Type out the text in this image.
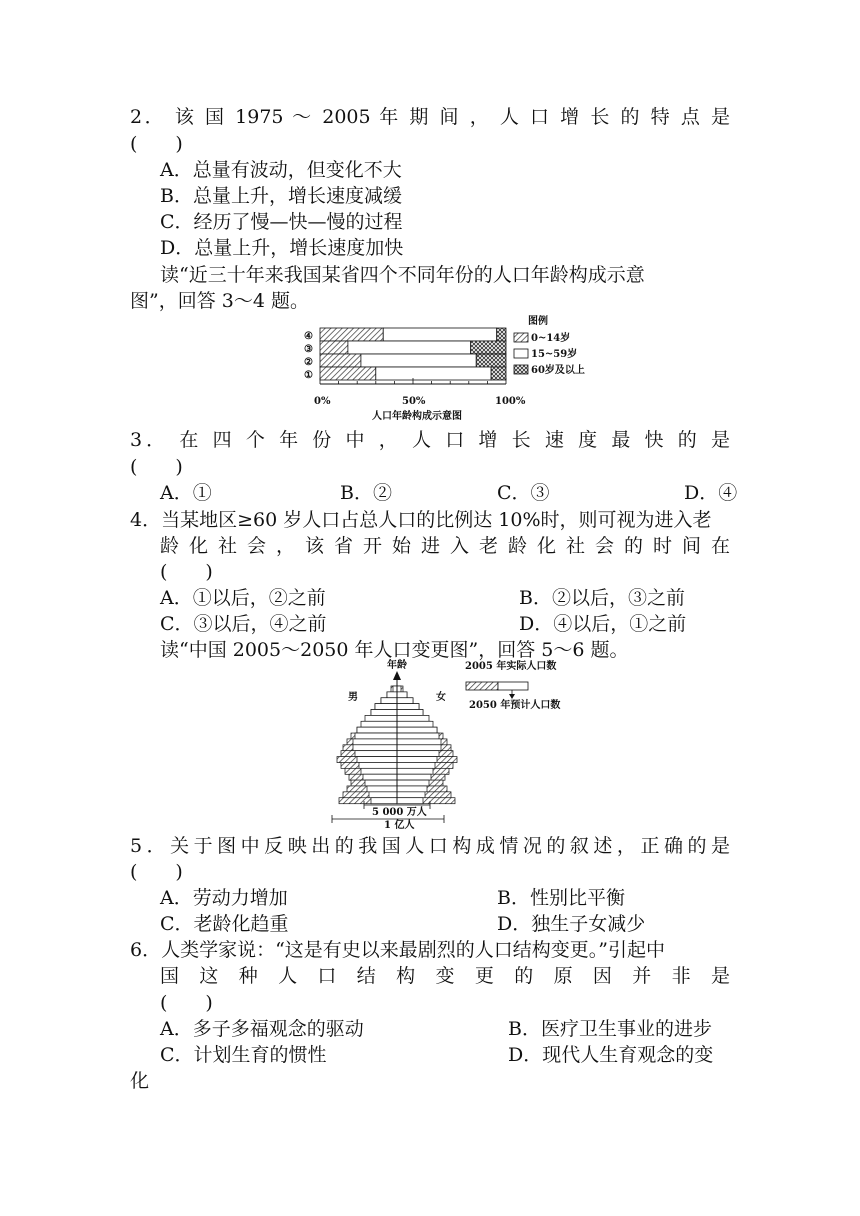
2． 该 国 1975 ～ 2005 年 期 间 ， 人 口 增 长 的 特 点 是
(　　)
A．总量有波动，但变化不大
B．总量上升，增长速度减缓
C．经历了慢—快—慢的过程
D．总量上升，增长速度加快
读“近三十年来我国某省四个不同年份的人口年龄构成示意
图”，回答 3～4 题。
④
③
②
①
0%	50%	100%
人口年龄构成示意图
图例
0~14岁
15~59岁
60岁及以上
3． 在 四 个 年 份 中 ， 人 口 增 长 速 度 最 快 的 是
(　　)
A．①	B．②	C．③	D．④
4．当某地区≥60 岁人口占总人口的比例达 10%时，则可视为进入老
龄 化 社 会 ， 该 省 开 始 进 入 老 龄 化 社 会 的 时 间 在
(　　)
A．①以后，②之前	B．②以后，③之前
C．③以后，④之前	D．④以后，①之前
读“中国 2005～2050 年人口变更图”，回答 5～6 题。
年龄
男	女
2005 年实际人口数
2050 年预计人口数
5 000 万人
1 亿人
5．关于图中反映出的我国人口构成情况的叙述，正确的是
(　　)
A．劳动力增加	B．性别比平衡
C．老龄化趋重	D．独生子女减少
6．人类学家说：“这是有史以来最剧烈的人口结构变更。”引起中
国 这 种 人 口 结 构 变 更 的 原 因 并 非 是
(　　)
A．多子多福观念的驱动	B．医疗卫生事业的进步
C．计划生育的惯性	D．现代人生育观念的变
化
